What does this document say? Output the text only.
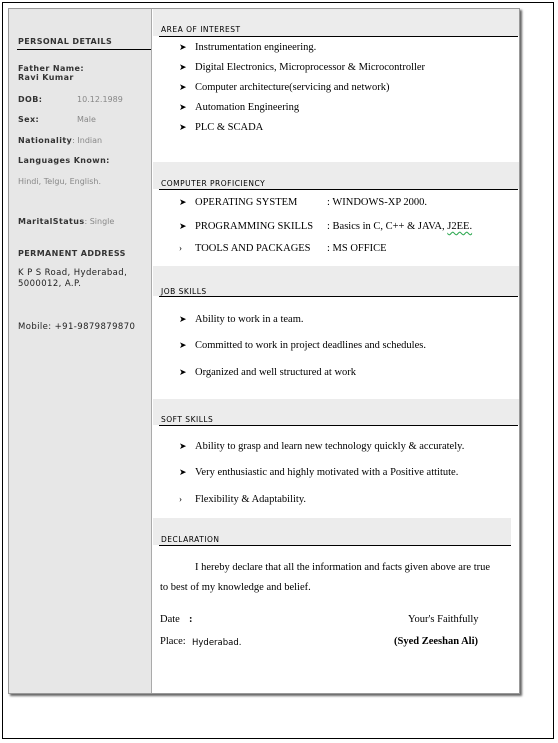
PERSONAL DETAILS
Father Name:
Ravi Kumar
DOB:	10.12.1989
Sex:	Male
Nationality: Indian
Languages Known:
Hindi, Telgu, English.
MaritalStatus: Single
PERMANENT ADDRESS
K P S Road, Hyderabad,
5000012, A.P.
Mobile: +91-9879879870
AREA OF INTEREST
➤ Instrumentation engineering.
➤ Digital Electronics, Microprocessor & Microcontroller
➤ Computer architecture(servicing and network)
➤ Automation Engineering
➤ PLC & SCADA
COMPUTER PROFICIENCY
➤ OPERATING SYSTEM	: WINDOWS-XP 2000.
➤ PROGRAMMING SKILLS : Basics in C, C++ & JAVA, J2EE.
› TOOLS AND PACKAGES : MS OFFICE
JOB SKILLS
➤ Ability to work in a team.
➤ Committed to work in project deadlines and schedules.
➤ Organized and well structured at work
SOFT SKILLS
➤ Ability to grasp and learn new technology quickly & accurately.
➤ Very enthusiastic and highly motivated with a Positive attitute.
› Flexibility & Adaptability.
DECLARATION
I hereby declare that all the information and facts given above are true
to best of my knowledge and belief.
Date :	Your's Faithfully
Place: Hyderabad.	(Syed Zeeshan Ali)
